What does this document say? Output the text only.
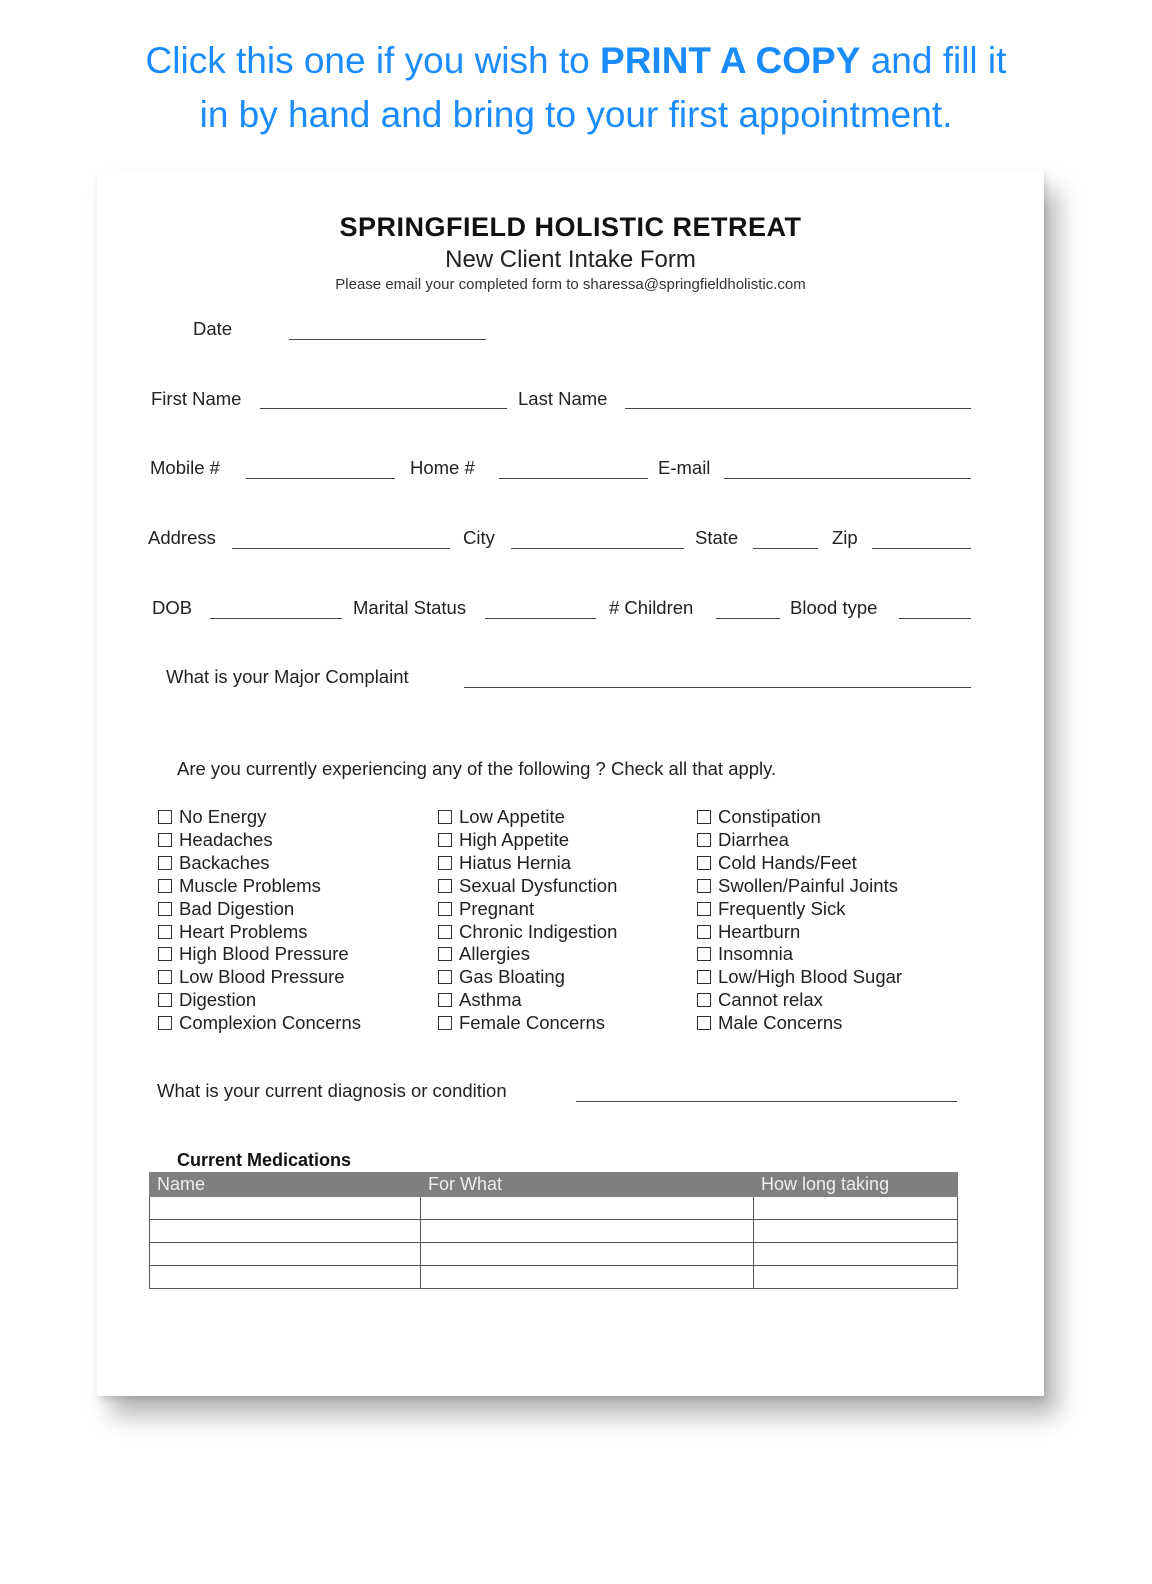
Click this one if you wish to PRINT A COPY and fill it
in by hand and bring to your first appointment.
SPRINGFIELD HOLISTIC RETREAT
New Client Intake Form
Please email your completed form to sharessa@springfieldholistic.com
Date
First Name	Last Name
Mobile #	Home #	E-mail
Address	City	State	Zip
DOB	Marital Status	# Children	Blood type
What is your Major Complaint
Are you currently experiencing any of the following ? Check all that apply.
No Energy
Headaches
Backaches
Muscle Problems
Bad Digestion
Heart Problems
High Blood Pressure
Low Blood Pressure
Digestion
Complexion Concerns
Low Appetite
High Appetite
Hiatus Hernia
Sexual Dysfunction
Pregnant
Chronic Indigestion
Allergies
Gas Bloating
Asthma
Female Concerns
Constipation
Diarrhea
Cold Hands/Feet
Swollen/Painful Joints
Frequently Sick
Heartburn
Insomnia
Low/High Blood Sugar
Cannot relax
Male Concerns
What is your current diagnosis or condition
Current Medications
Name	For What	How long taking
